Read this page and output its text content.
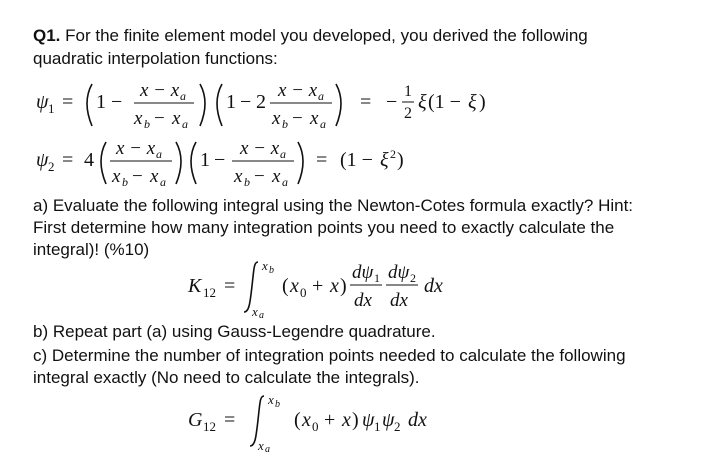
Q1. For the finite element model you developed, you derived the following
quadratic interpolation functions:
ψ 1 = 1 −
x − x a
x b − x a
1 − 2
x − x a
x b − x a
= − 1
2
ξ (1 − ξ )
ψ 2 = 4
x − x a
x b − x a
1 −
x − x a
x b − x a
= (1 − ξ 2 )
a) Evaluate the following integral using the Newton-Cotes formula exactly? Hint:
First determine how many integration points you need to exactly calculate the
integral)! (%10)
K 12 =
x b
x a
( x 0 + x )
dψ 1
dx
dψ 2
dx
dx
b) Repeat part (a) using Gauss-Legendre quadrature.
c) Determine the number of integration points needed to calculate the following
integral exactly (No need to calculate the integrals).
G 12 =
x b
x a
( x 0 + x ) ψ 1 ψ 2 dx
